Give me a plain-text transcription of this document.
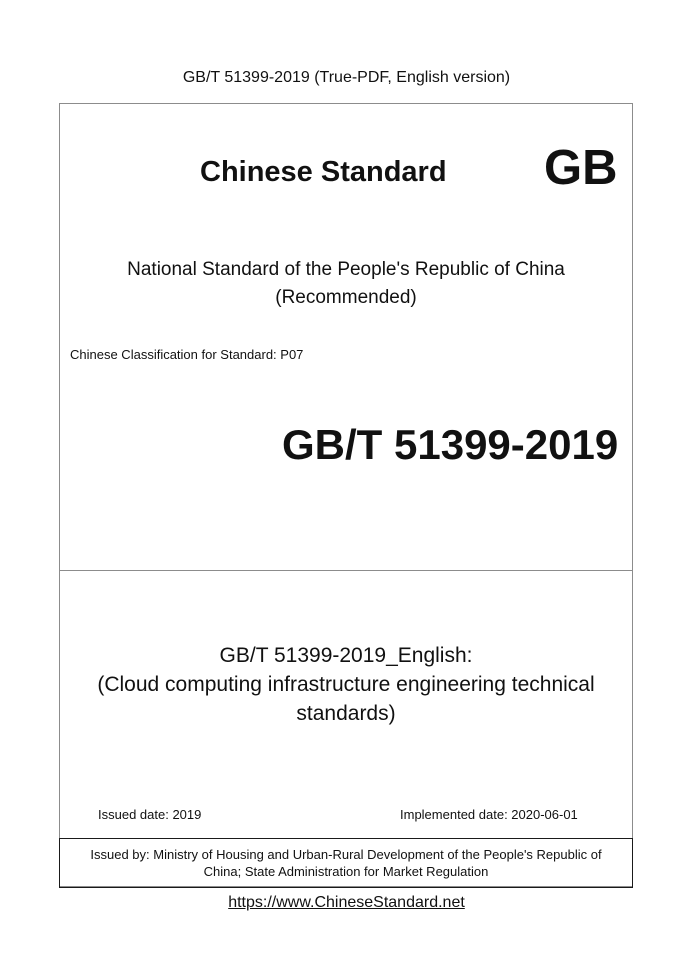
GB/T 51399-2019 (True-PDF, English version)
Chinese Standard GB
National Standard of the People's Republic of China
(Recommended)
Chinese Classification for Standard: P07
GB/T 51399-2019
GB/T 51399-2019_English:
(Cloud computing infrastructure engineering technical
standards)
Issued date: 2019	Implemented date: 2020-06-01
Issued by: Ministry of Housing and Urban-Rural Development of the People's Republic of
China; State Administration for Market Regulation
https://www.ChineseStandard.net
